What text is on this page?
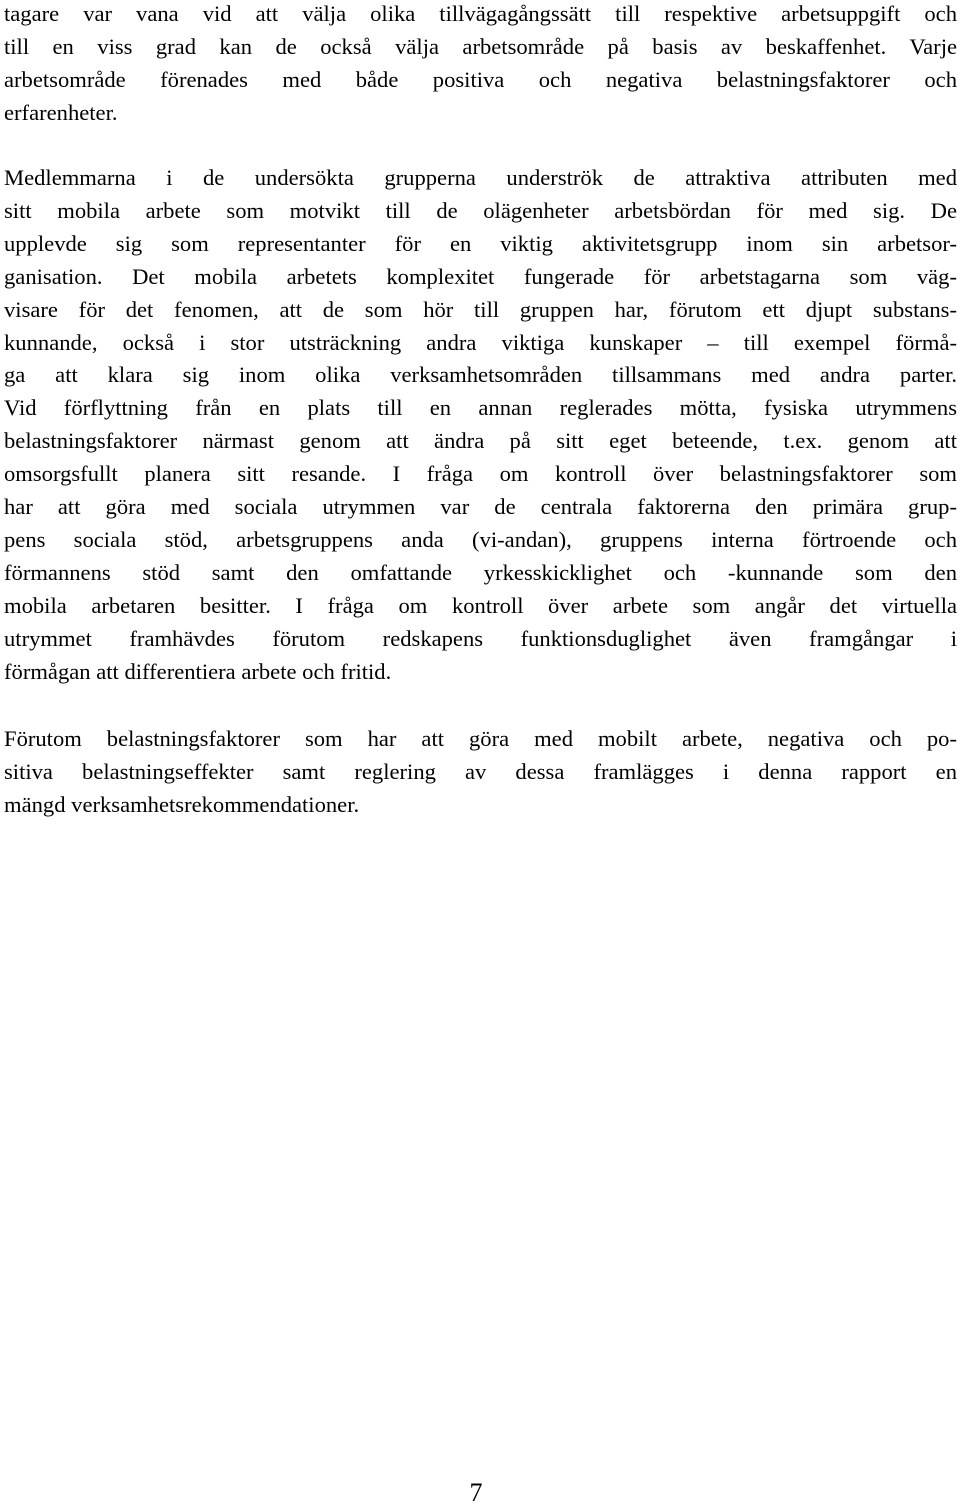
tagare var vana vid att välja olika tillvägagångssätt till respektive arbetsuppgift och
till en viss grad kan de också välja arbetsområde på basis av beskaffenhet. Varje
arbetsområde förenades med både positiva och negativa belastningsfaktorer och
erfarenheter.

Medlemmarna i de undersökta grupperna underströk de attraktiva attributen med
sitt mobila arbete som motvikt till de olägenheter arbetsbördan för med sig. De
upplevde sig som representanter för en viktig aktivitetsgrupp inom sin arbetsor-
ganisation. Det mobila arbetets komplexitet fungerade för arbetstagarna som väg-
visare för det fenomen, att de som hör till gruppen har, förutom ett djupt substans-
kunnande, också i stor utsträckning andra viktiga kunskaper – till exempel förmå-
ga att klara sig inom olika verksamhetsområden tillsammans med andra parter.
Vid förflyttning från en plats till en annan reglerades mötta, fysiska utrymmens
belastningsfaktorer närmast genom att ändra på sitt eget beteende, t.ex. genom att
omsorgsfullt planera sitt resande. I fråga om kontroll över belastningsfaktorer som
har att göra med sociala utrymmen var de centrala faktorerna den primära grup-
pens sociala stöd, arbetsgruppens anda (vi-andan), gruppens interna förtroende och
förmannens stöd samt den omfattande yrkesskicklighet och -kunnande som den
mobila arbetaren besitter. I fråga om kontroll över arbete som angår det virtuella
utrymmet framhävdes förutom redskapens funktionsduglighet även framgångar i
förmågan att differentiera arbete och fritid.

Förutom belastningsfaktorer som har att göra med mobilt arbete, negativa och po-
sitiva belastningseffekter samt reglering av dessa framlägges i denna rapport en
mängd verksamhetsrekommendationer.

7
